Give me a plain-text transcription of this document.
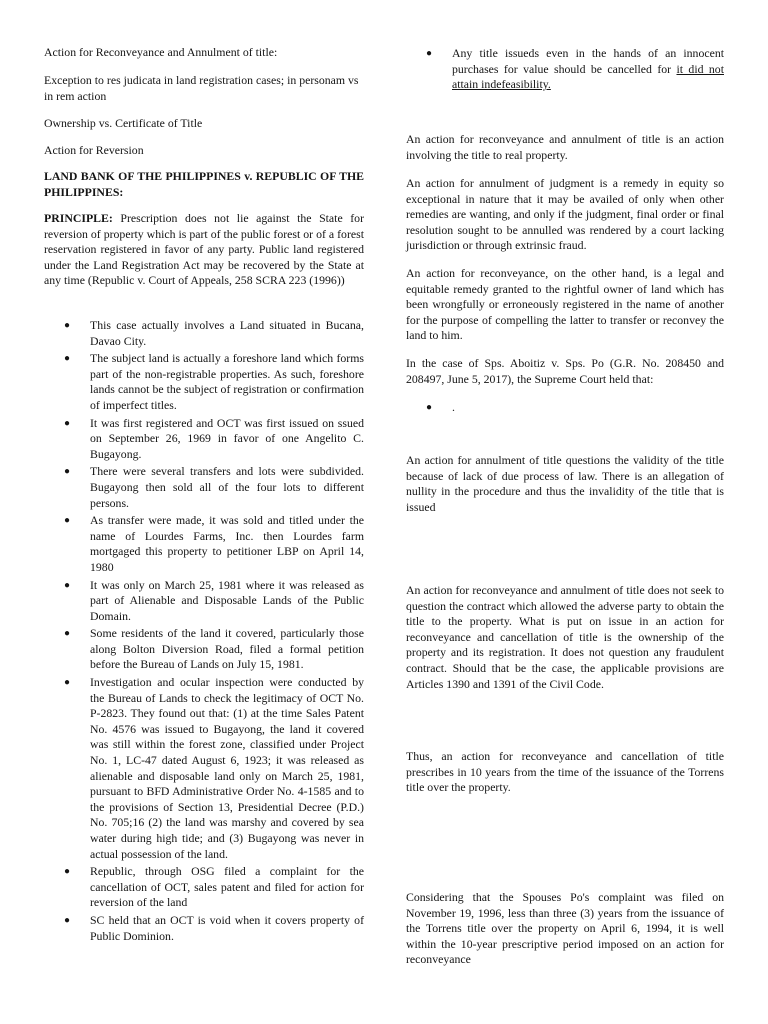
Action for Reconveyance and Annulment of title:
Exception to res judicata in land registration cases; in personam vs in rem action
Ownership vs. Certificate of Title
Action for Reversion
LAND BANK OF THE PHILIPPINES v. REPUBLIC OF THE PHILIPPINES:
PRINCIPLE: Prescription does not lie against the State for reversion of property which is part of the public forest or of a forest reservation registered in favor of any party. Public land registered under the Land Registration Act may be recovered by the State at any time (Republic v. Court of Appeals, 258 SCRA 223 (1996))
● This case actually involves a Land situated in Bucana, Davao City.
● The subject land is actually a foreshore land which forms part of the non-registrable properties. As such, foreshore lands cannot be the subject of registration or confirmation of imperfect titles.
● It was first registered and OCT was first issued on ssued on September 26, 1969 in favor of one Angelito C. Bugayong.
● There were several transfers and lots were subdivided. Bugayong then sold all of the four lots to different persons.
● As transfer were made, it was sold and titled under the name of Lourdes Farms, Inc. then Lourdes farm mortgaged this property to petitioner LBP on April 14, 1980
● It was only on March 25, 1981 where it was released as part of Alienable and Disposable Lands of the Public Domain.
● Some residents of the land it covered, particularly those along Bolton Diversion Road, filed a formal petition before the Bureau of Lands on July 15, 1981.
● Investigation and ocular inspection were conducted by the Bureau of Lands to check the legitimacy of OCT No. P-2823. They found out that: (1) at the time Sales Patent No. 4576 was issued to Bugayong, the land it covered was still within the forest zone, classified under Project No. 1, LC-47 dated August 6, 1923; it was released as alienable and disposable land only on March 25, 1981, pursuant to BFD Administrative Order No. 4-1585 and to the provisions of Section 13, Presidential Decree (P.D.) No. 705;16 (2) the land was marshy and covered by sea water during high tide; and (3) Bugayong was never in actual possession of the land.
● Republic, through OSG filed a complaint for the cancellation of OCT, sales patent and filed for action for reversion of the land
● SC held that an OCT is void when it covers property of Public Dominion.
● Any title issueds even in the hands of an innocent purchases for value should be cancelled for it did not attain indefeasibility.
An action for reconveyance and annulment of title is an action involving the title to real property.
An action for annulment of judgment is a remedy in equity so exceptional in nature that it may be availed of only when other remedies are wanting, and only if the judgment, final order or final resolution sought to be annulled was rendered by a court lacking jurisdiction or through extrinsic fraud.
An action for reconveyance, on the other hand, is a legal and equitable remedy granted to the rightful owner of land which has been wrongfully or erroneously registered in the name of another for the purpose of compelling the latter to transfer or reconvey the land to him.
In the case of Sps. Aboitiz v. Sps. Po (G.R. No. 208450 and 208497, June 5, 2017), the Supreme Court held that:
● .
An action for annulment of title questions the validity of the title because of lack of due process of law. There is an allegation of nullity in the procedure and thus the invalidity of the title that is issued
An action for reconveyance and annulment of title does not seek to question the contract which allowed the adverse party to obtain the title to the property. What is put on issue in an action for reconveyance and cancellation of title is the ownership of the property and its registration. It does not question any fraudulent contract. Should that be the case, the applicable provisions are Articles 1390 and 1391 of the Civil Code.
Thus, an action for reconveyance and cancellation of title prescribes in 10 years from the time of the issuance of the Torrens title over the property.
Considering that the Spouses Po's complaint was filed on November 19, 1996, less than three (3) years from the issuance of the Torrens title over the property on April 6, 1994, it is well within the 10-year prescriptive period imposed on an action for reconveyance
